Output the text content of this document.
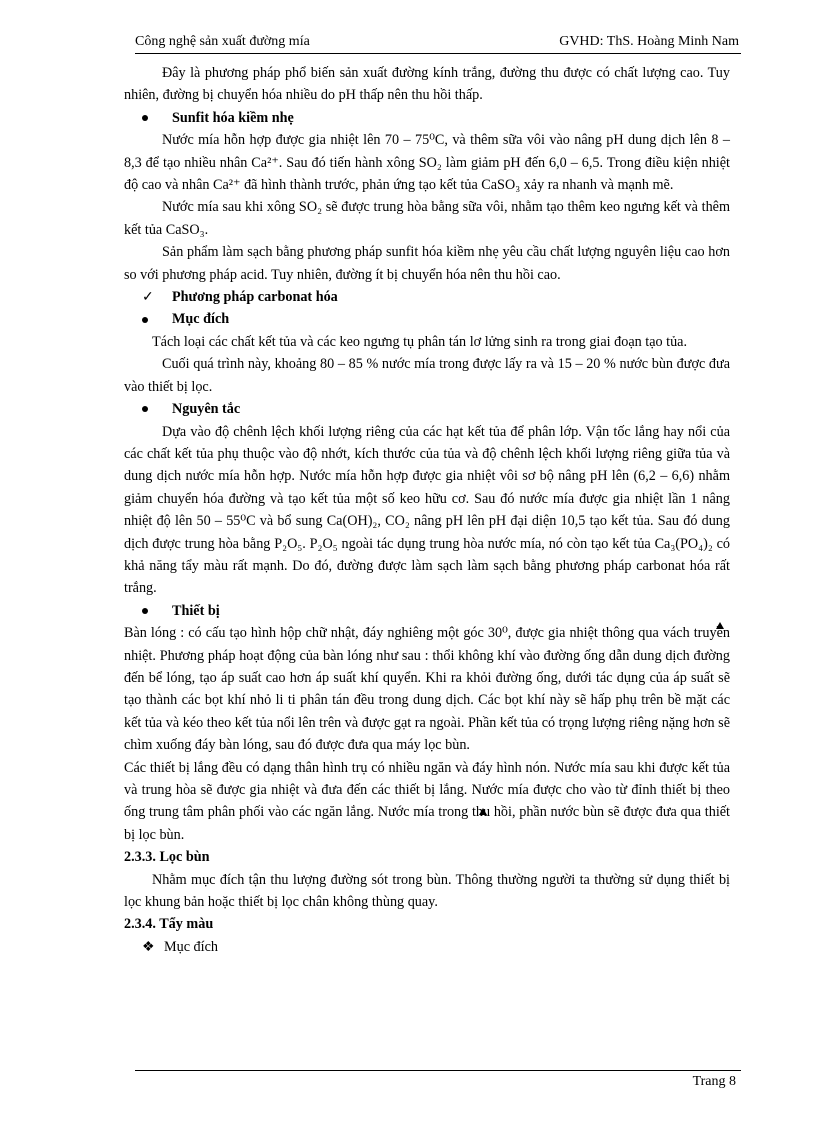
Công nghệ sản xuất đường mía	GVHD: ThS. Hoàng Minh Nam

Đây là phương pháp phổ biến sản xuất đường kính trắng, đường thu được có chất lượng cao. Tuy nhiên, đường bị chuyển hóa nhiều do pH thấp nên thu hồi thấp.

Sunfit hóa kiềm nhẹ

Nước mía hỗn hợp được gia nhiệt lên 70 – 75⁰C, và thêm sữa vôi vào nâng pH dung dịch lên 8 – 8,3 để tạo nhiều nhân Ca²⁺. Sau đó tiến hành xông SO₂ làm giảm pH đến 6,0 – 6,5. Trong điều kiện nhiệt độ cao và nhân Ca²⁺ đã hình thành trước, phản ứng tạo kết tủa CaSO₃ xảy ra nhanh và mạnh mẽ.

Nước mía sau khi xông SO₂ sẽ được trung hòa bằng sữa vôi, nhằm tạo thêm keo ngưng kết và thêm kết tủa CaSO₃.

Sản phẩm làm sạch bằng phương pháp sunfit hóa kiềm nhẹ yêu cầu chất lượng nguyên liệu cao hơn so với phương pháp acid. Tuy nhiên, đường ít bị chuyển hóa nên thu hồi cao.

✓	Phương pháp carbonat hóa

Mục đích

Tách loại các chất kết tủa và các keo ngưng tụ phân tán lơ lửng sinh ra trong giai đoạn tạo tủa.

Cuối quá trình này, khoảng 80 – 85 % nước mía trong được lấy ra và 15 – 20 % nước bùn được đưa vào thiết bị lọc.

Nguyên tắc

Dựa vào độ chênh lệch khối lượng riêng của các hạt kết tủa để phân lớp. Vận tốc lắng hay nổi của các chất kết tủa phụ thuộc vào độ nhớt, kích thước của tủa và độ chênh lệch khối lượng riêng giữa tủa và dung dịch nước mía hỗn hợp. Nước mía hỗn hợp được gia nhiệt vôi sơ bộ nâng pH lên (6,2 – 6,6) nhằm giảm chuyển hóa đường và tạo kết tủa một số keo hữu cơ. Sau đó nước mía được gia nhiệt lần 1 nâng nhiệt độ lên 50 – 55⁰C và bổ sung Ca(OH)₂, CO₂ nâng pH lên pH đại diện 10,5 tạo kết tủa. Sau đó dung dịch được trung hòa bằng P₂O₅. P₂O₅ ngoài tác dụng trung hòa nước mía, nó còn tạo kết tủa Ca₃(PO₄)₂ có khả năng tẩy màu rất mạnh. Do đó, đường được làm sạch làm sạch bằng phương pháp carbonat hóa rất trắng.

Thiết bị

Bàn lóng : có cấu tạo hình hộp chữ nhật, đáy nghiêng một góc 30⁰, được gia nhiệt thông qua vách truyền nhiệt. Phương pháp hoạt động của bàn lóng như sau : thổi không khí vào đường ống dẫn dung dịch đường đến bể lóng, tạo áp suất cao hơn áp suất khí quyển. Khi ra khỏi đường ống, dưới tác dụng của áp suất sẽ tạo thành các bọt khí nhỏ li ti phân tán đều trong dung dịch. Các bọt khí này sẽ hấp phụ trên bề mặt các kết tủa và kéo theo kết tủa nổi lên trên và được gạt ra ngoài. Phần kết tủa có trọng lượng riêng nặng hơn sẽ chìm xuống đáy bàn lóng, sau đó được đưa qua máy lọc bùn.

Các thiết bị lắng đều có dạng thân hình trụ có nhiều ngăn và đáy hình nón. Nước mía sau khi được kết tủa và trung hòa sẽ được gia nhiệt và đưa đến các thiết bị lắng. Nước mía được cho vào từ đỉnh thiết bị theo ống trung tâm phân phối vào các ngăn lắng. Nước mía trong thu hồi, phần nước bùn sẽ được đưa qua thiết bị lọc bùn.

2.3.3. Lọc bùn

Nhằm mục đích tận thu lượng đường sót trong bùn. Thông thường người ta thường sử dụng thiết bị lọc khung bản hoặc thiết bị lọc chân không thùng quay.

2.3.4. Tẩy màu

❖ Mục đích

Trang 8
